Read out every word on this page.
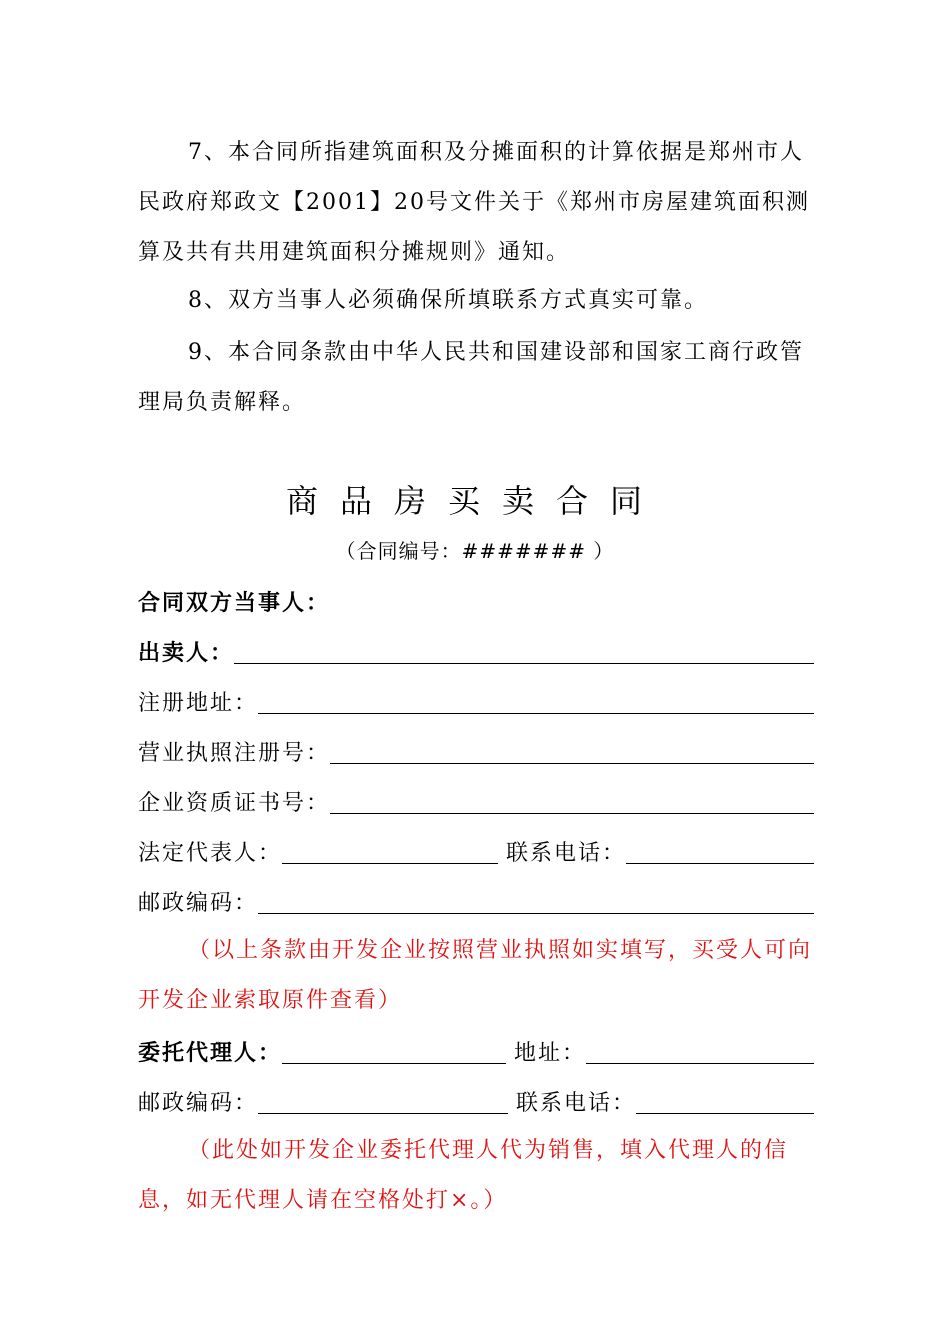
7、本合同所指建筑面积及分摊面积的计算依据是郑州市人民政府郑政文【2001】20号文件关于《郑州市房屋建筑面积测算及共有共用建筑面积分摊规则》通知。

8、双方当事人必须确保所填联系方式真实可靠。

9、本合同条款由中华人民共和国建设部和国家工商行政管理局负责解释。

商品房买卖合同
（合同编号：####### ）
合同双方当事人：
出卖人：
注册地址：
营业执照注册号：
企业资质证书号：
法定代表人：	联系电话：
邮政编码：

（以上条款由开发企业按照营业执照如实填写，买受人可向开发企业索取原件查看）

委托代理人：	地址：
邮政编码：	联系电话：

（此处如开发企业委托代理人代为销售，填入代理人的信息，如无代理人请在空格处打×。）
